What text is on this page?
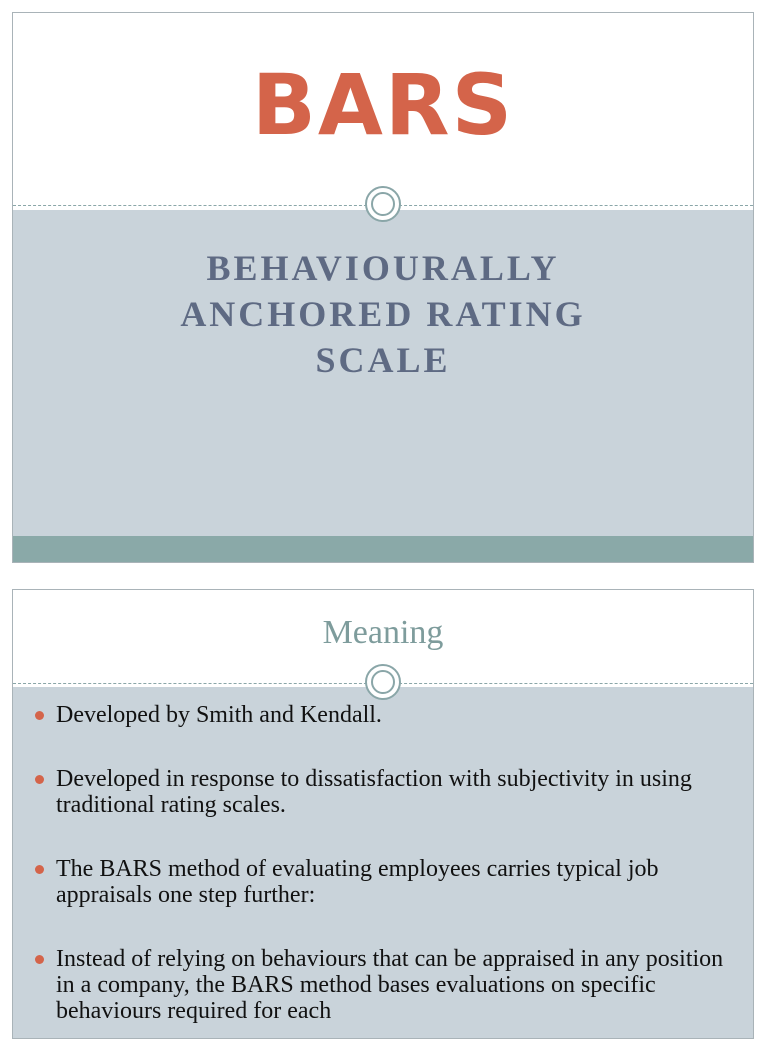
BARS
BEHAVIOURALLY
ANCHORED RATING
SCALE
Meaning
Developed by Smith and Kendall.
Developed in response to dissatisfaction with subjectivity in using traditional rating scales.
The BARS method of evaluating employees carries typical job appraisals one step further:
Instead of relying on behaviours that can be appraised in any position in a company, the BARS method bases evaluations on specific behaviours required for each
